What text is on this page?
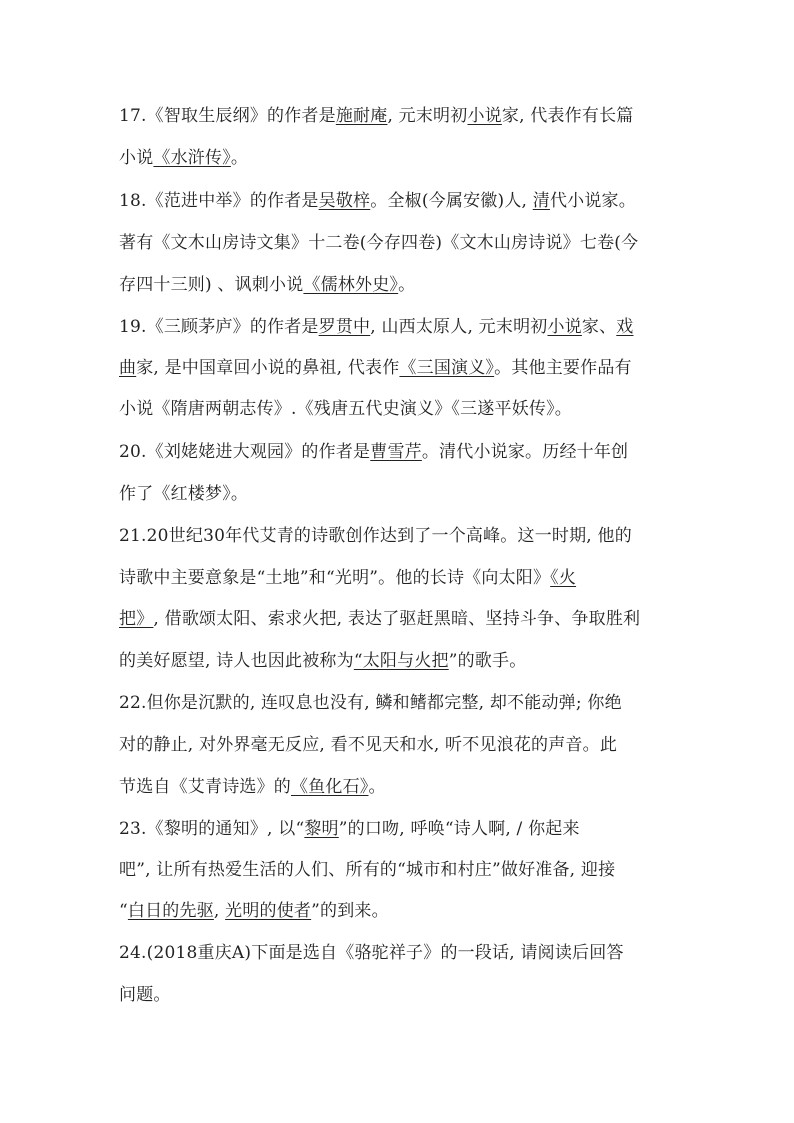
17.《智取生辰纲》的作者是施耐庵, 元末明初小说家, 代表作有长篇
小说《水浒传》。
18.《范进中举》的作者是吴敬梓。全椒(今属安徽)人, 清代小说家。
著有《文木山房诗文集》十二卷(今存四卷)《文木山房诗说》七卷(今
存四十三则) 、讽刺小说《儒林外史》。
19.《三顾茅庐》的作者是罗贯中, 山西太原人, 元末明初小说家、戏
曲家, 是中国章回小说的鼻祖, 代表作《三国演义》。其他主要作品有
小说《隋唐两朝志传》.《残唐五代史演义》《三遂平妖传》。
20.《刘姥姥进大观园》的作者是曹雪芹。清代小说家。历经十年创
作了《红楼梦》。
21.20世纪30年代艾青的诗歌创作达到了一个高峰。这一时期, 他的
诗歌中主要意象是“土地”和“光明”。他的长诗《向太阳》《火
把》, 借歌颂太阳、索求火把, 表达了驱赶黑暗、坚持斗争、争取胜利
的美好愿望, 诗人也因此被称为“太阳与火把”的歌手。
22.但你是沉默的, 连叹息也没有, 鳞和鳍都完整, 却不能动弹; 你绝
对的静止, 对外界毫无反应, 看不见天和水, 听不见浪花的声音。此
节选自《艾青诗选》的《鱼化石》。
23.《黎明的通知》, 以“黎明”的口吻, 呼唤“诗人啊, / 你起来
吧”, 让所有热爱生活的人们、所有的“城市和村庄”做好准备, 迎接
“白日的先驱, 光明的使者”的到来。
24.(2018重庆A)下面是选自《骆驼祥子》的一段话, 请阅读后回答
问题。
